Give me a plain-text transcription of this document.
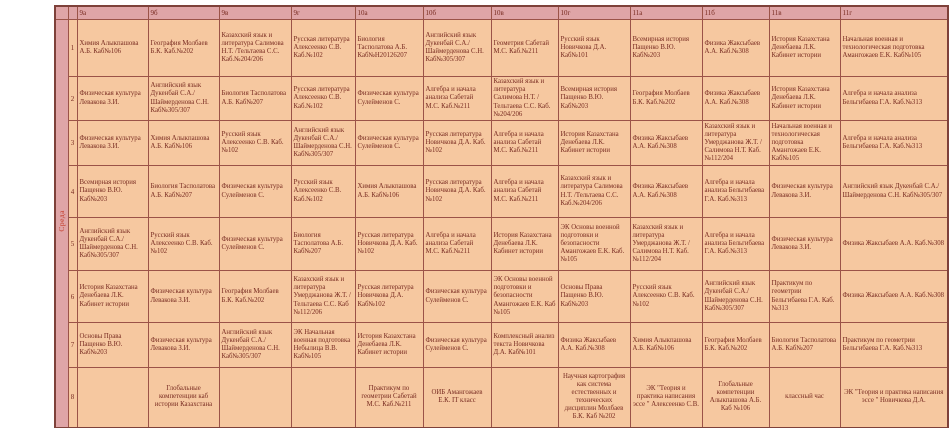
		9а	9б	9в	9г	10а	10б	10в	10г	11а	11б	11в	11г
Среда	1	Химия Алыкпашова А.Б. Каб№106	География Молбаев Б.К. Каб.№202	Казахский язык и литература Салимова Н.Т. /Тельтаева С.С. Каб.№204/206	Русская литература Алексеенко С.В. Каб.№102	Биология Тасполатова А.Б. Каб№Н20126207	Английский язык Дукенбай С.А./ Шаймерденова С.Н. Каб№305/307	Геометрия Сабетай М.С. Каб.№211	Русский язык Новичкова Д.А. Каб№101	Всемирная история Пащенко В.Ю. Каб№203	Физика Жаксыбаев А.А. Каб.№308	История Казахстана Денебаева Л.К. Кабинет истории	Начальная военная и технологическая подготовка Амангожаев Е.К. Каб№105
	2	Физическая культура Левакова З.И.	Английский язык Дукенбай С.А./ Шаймерденова С.Н. Каб№305/307	Биология Тасполатова А.Б. Каб№207	Русская литература Алексеенко С.В. Каб.№102	Физическая культура Сулейменов С.	Алгебра и начала анализа Сабетай М.С. Каб.№211	Казахский язык и литература Салимова Н.Т. /Тельтаева С.С. Каб.№204/206	Всемирная история Пащенко В.Ю. Каб№203	География Молбаев Б.К. Каб.№202	Физика Жаксыбаев А.А. Каб.№308	История Казахстана Денебаева Л.К. Кабинет истории	Алгебра и начала анализа Бельгибаева Г.А. Каб.№313
	3	Физическая культура Левакова З.И.	Химия Алыкпашова А.Б. Каб№106	Русский язык Алексеенко С.В. Каб.№102	Английский язык Дукенбай С.А./ Шаймерденова С.Н. Каб№305/307	Физическая культура Сулейменов С.	Русская литература Новичкова Д.А. Каб.№102	Алгебра и начала анализа Сабетай М.С. Каб.№211	История Казахстана Денебаева Л.К. Кабинет истории	Физика Жаксыбаев А.А. Каб.№308	Казахский язык и литература Умерджанова Ж.Т. /Салимова Н.Т. Каб.№112/204	Начальная военная и технологическая подготовка Амангожаев Е.К. Каб№105	Алгебра и начала анализа Бельгибаева Г.А. Каб.№313
	4	Всемирная история Пащенко В.Ю. Каб№203	Биология Тасполатова А.Б. Каб№207	Физическая культура Сулейменов С.	Русский язык Алексеенко С.В. Каб.№102	Химия Алыкпашова А.Б. Каб№106	Русская литература Новичкова Д.А. Каб.№102	Алгебра и начала анализа Сабетай М.С. Каб.№211	Казахский язык и литература Салимова Н.Т. /Тельтаева С.С. Каб.№204/206	Физика Жаксыбаев А.А. Каб.№308	Алгебра и начала анализа Бельгибаева Г.А. Каб.№313	Физическая культура Левакова З.И.	Английский язык Дукенбай С.А./ Шаймерденова С.Н. Каб№305/307
	5	Английский язык Дукенбай С.А./ Шаймерденова С.Н. Каб№305/307	Русский язык Алексеенко С.В. Каб.№102	Физическая культура Сулейменов С.	Биология Тасполатова А.Б. Каб№207	Русская литература Новичкова Д.А. Каб.№102	Алгебра и начала анализа Сабетай М.С. Каб.№211	История Казахстана Денебаева Л.К. Кабинет истории	ЭК Основы военной подготовки и безопасности Амангожаев Е.К. Каб.№105	Казахский язык и литература Умерджанова Ж.Т. /Салимова Н.Т. Каб.№112/204	Алгебра и начала анализа Бельгибаева Г.А. Каб.№313	Физическая культура Левакова З.И.	Физика Жаксыбаев А.А. Каб.№308
	6	История Казахстана Денебаева Л.К. Кабинет истории	Физическая культура Левакова З.И.	География Молбаев Б.К. Каб.№202	Казахский язык и литература Умерджанова Ж.Т. /Тельтаева С.С. Каб №112/206	Русская литература Новичкова Д.А. Каб№102	Физическая культура Сулейменов С.	ЭК Основы военной подготовки и безопасности Амангожаев Е.К. Каб №105	Основы Права Пащенко В.Ю. Каб№203	Русский язык Алексеенко С.В. Каб.№102	Английский язык Дукенбай С.А./ Шаймерденова С.Н. Каб№305/307	Практикум по геометрии Бельгибаева Г.А. Каб.№313	Физика Жаксыбаев А.А. Каб.№308
	7	Основы Права Пащенко В.Ю. Каб№203	Физическая культура Левакова З.И.	Английский язык Дукенбай С.А./ Шаймерденова С.Н. Каб№305/307	ЭК Начальная военная подготовка Небылица В.В. Каб№105	История Казахстана Денебаева Л.К. Кабинет истории	Физическая культура Сулейменов С.	Комплексный анализ текста Новичкова Д.А. Каб№101	Физика Жаксыбаев А.А. Каб.№308	Химия Алыкпашова А.Б. Каб№106	География Молбаев Б.К. Каб.№202	Биология Тасполатова А.Б. Каб№207	Практикум по геометрии Бельгибаева Г.А. Каб.№313
	8		Глобальные компетенции каб истории Казахстана			Практикум по геометрии Сабетай М.С. Каб.№211	ОИБ Амангожаев Е.К. IT класс		Научная картография как система естественных и технических дисциплин Молбаев Б.К. Каб №202	ЭК "Теория и практика написания эссе " Алексеенко С.В.	Глобальные компетенции Алыкпашова А.Б. Каб №106	классный час	ЭК "Теория и практика написания эссе " Новичкова Д.А.
